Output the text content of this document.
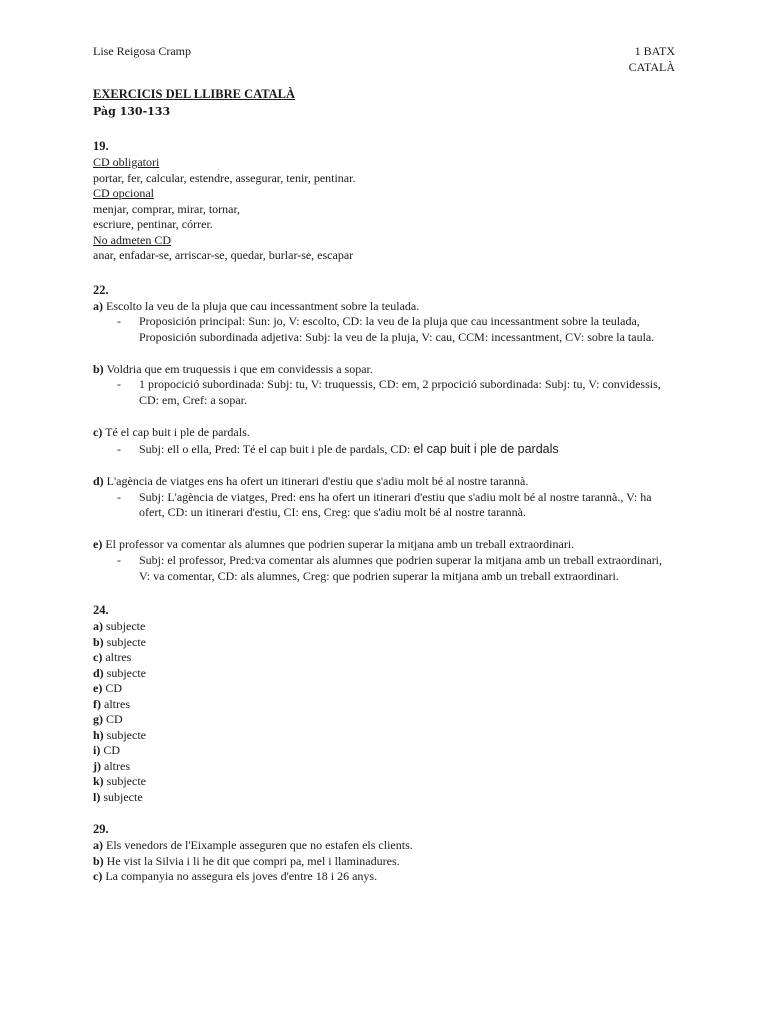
Lise Reigosa Cramp	1 BATX
CATALÀ
EXERCICIS DEL LLIBRE CATALÀ
Pàg 130-133
19.
CD obligatori
portar, fer, calcular, estendre, assegurar, tenir, pentinar.
CD opcional
menjar, comprar, mirar, tornar,
escriure, pentinar, córrer.
No admeten CD
anar, enfadar-se, arriscar-se, quedar, burlar-se, escapar
22.
a) Escolto la veu de la pluja que cau incessantment sobre la teulada.
-	Proposición principal: Sun: jo, V: escolto, CD: la veu de la pluja que cau incessantment sobre la teulada, Proposición subordinada adjetiva: Subj: la veu de la pluja, V: cau, CCM: incessantment, CV: sobre la taula.
b) Voldria que em truquessis i que em convidessis a sopar.
-	1 propocició subordinada: Subj: tu, V: truquessis, CD: em, 2 prpocició subordinada: Subj: tu, V: convidessis, CD: em, Cref: a sopar.
c) Té el cap buit i ple de pardals.
-	Subj: ell o ella, Pred: Té el cap buit i ple de pardals, CD: el cap buit i ple de pardals
d) L'agència de viatges ens ha ofert un itinerari d'estiu que s'adiu molt bé al nostre tarannà.
-	Subj: L'agència de viatges, Pred: ens ha ofert un itinerari d'estiu que s'adiu molt bé al nostre tarannà., V: ha ofert, CD: un itinerari d'estiu, CI: ens, Creg: que s'adiu molt bé al nostre tarannà.
e) El professor va comentar als alumnes que podrien superar la mitjana amb un treball extraordinari.
-	Subj: el professor, Pred:va comentar als alumnes que podrien superar la mitjana amb un treball extraordinari, V: va comentar, CD: als alumnes, Creg: que podrien superar la mitjana amb un treball extraordinari.
24.
a) subjecte
b) subjecte
c) altres
d) subjecte
e) CD
f) altres
g) CD
h) subjecte
i) CD
j) altres
k) subjecte
l) subjecte
29.
a) Els venedors de l'Eixample asseguren que no estafen els clients.
b) He vist la Silvia i li he dit que compri pa, mel i llaminadures.
c) La companyia no assegura els joves d'entre 18 i 26 anys.
